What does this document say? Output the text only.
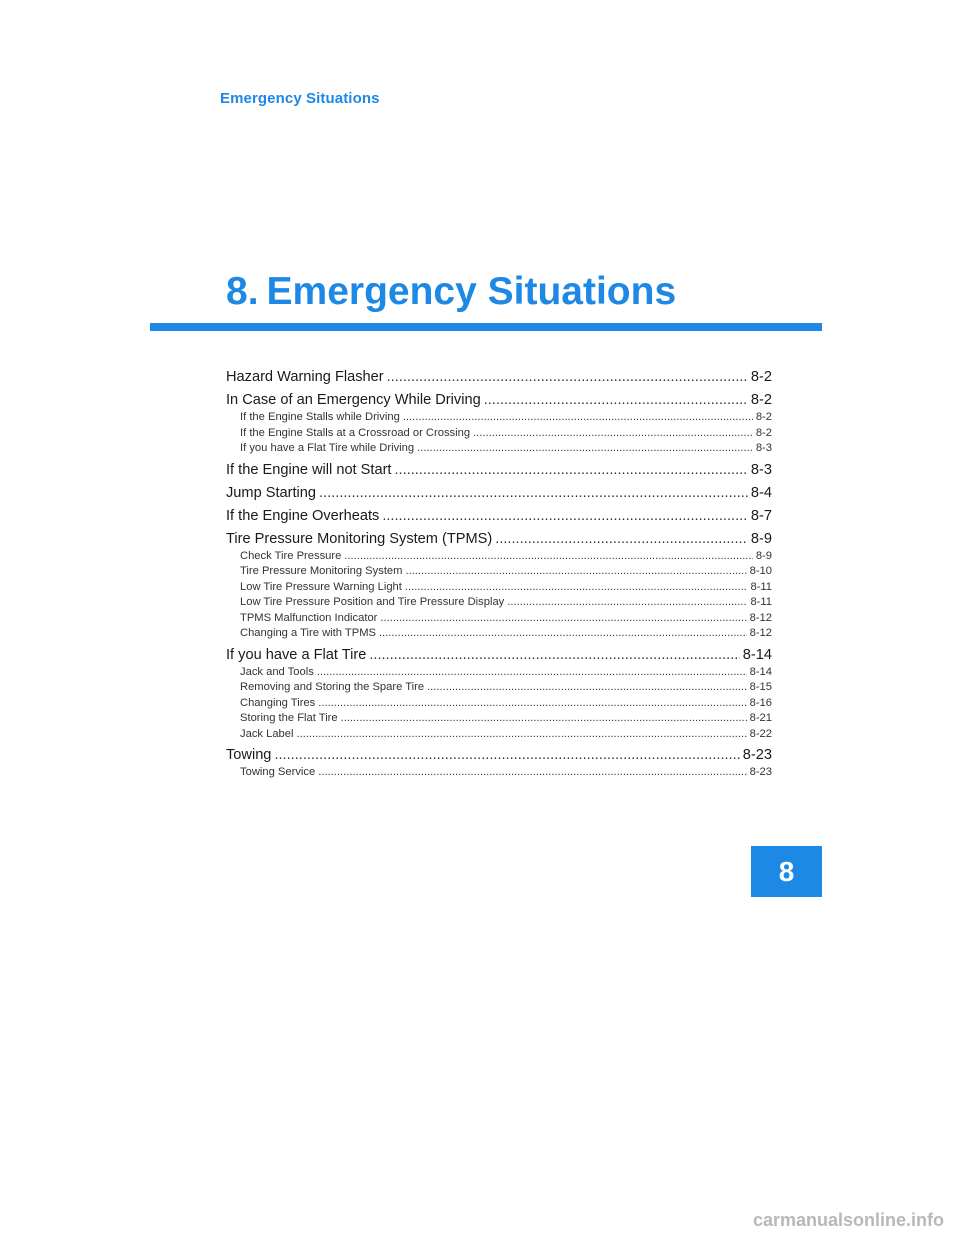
Emergency Situations
8. Emergency Situations
Hazard Warning Flasher .....	8-2
In Case of an Emergency While Driving .....	8-2
If the Engine Stalls while Driving .....	8-2
If the Engine Stalls at a Crossroad or Crossing .....	8-2
If you have a Flat Tire while Driving .....	8-3
If the Engine will not Start .....	8-3
Jump Starting .....	8-4
If the Engine Overheats .....	8-7
Tire Pressure Monitoring System (TPMS) .....	8-9
Check Tire Pressure .....	8-9
Tire Pressure Monitoring System .....	8-10
Low Tire Pressure Warning Light .....	8-11
Low Tire Pressure Position and Tire Pressure Display .....	8-11
TPMS Malfunction Indicator .....	8-12
Changing a Tire with TPMS .....	8-12
If you have a Flat Tire .....	8-14
Jack and Tools .....	8-14
Removing and Storing the Spare Tire .....	8-15
Changing Tires .....	8-16
Storing the Flat Tire .....	8-21
Jack Label .....	8-22
Towing .....	8-23
Towing Service .....	8-23
8
carmanualsonline.info
